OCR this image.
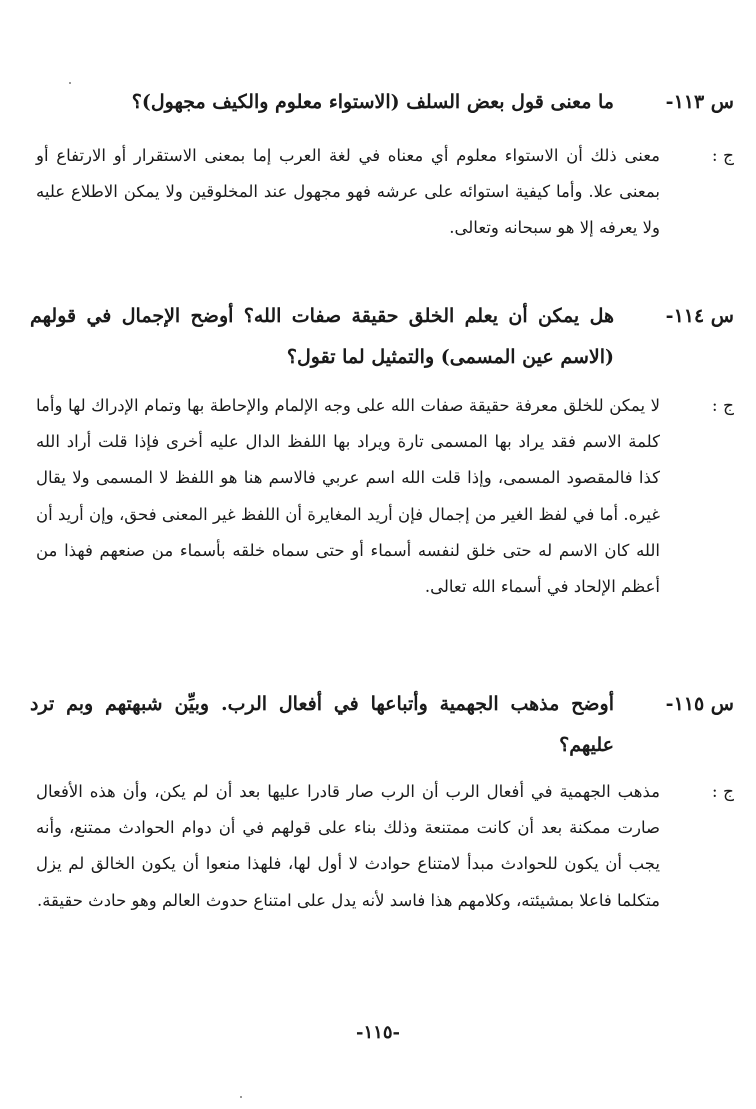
س ١١٣-
ما معنى قول بعض السلف (الاستواء معلوم والكيف مجهول)؟
ج :
معنى ذلك أن الاستواء معلوم أي معناه في لغة العرب إما بمعنى الاستقرار أو الارتفاع أو بمعنى علا. وأما كيفية استوائه على عرشه فهو مجهول عند المخلوقين ولا يمكن الاطلاع عليه ولا يعرفه إلا هو سبحانه وتعالى.
س ١١٤-
هل يمكن أن يعلم الخلق حقيقة صفات الله؟ أوضح الإجمال في قولهم (الاسم عين المسمى) والتمثيل لما تقول؟
ج :
لا يمكن للخلق معرفة حقيقة صفات الله على وجه الإلمام والإحاطة بها وتمام الإدراك لها وأما كلمة الاسم فقد يراد بها المسمى تارة ويراد بها اللفظ الدال عليه أخرى فإذا قلت أراد الله كذا فالمقصود المسمى، وإذا قلت الله اسم عربي فالاسم هنا هو اللفظ لا المسمى ولا يقال غيره. أما في لفظ الغير من إجمال فإن أريد المغايرة أن اللفظ غير المعنى فحق، وإن أريد أن الله كان الاسم له حتى خلق لنفسه أسماء أو حتى سماه خلقه بأسماء من صنعهم فهذا من أعظم الإلحاد في أسماء الله تعالى.
س ١١٥-
أوضح مذهب الجهمية وأتباعها في أفعال الرب. وبيِّن شبهتهم وبم ترد عليهم؟
ج :
مذهب الجهمية في أفعال الرب أن الرب صار قادرا عليها بعد أن لم يكن، وأن هذه الأفعال صارت ممكنة بعد أن كانت ممتنعة وذلك بناء على قولهم في أن دوام الحوادث ممتنع، وأنه يجب أن يكون للحوادث مبدأ لامتناع حوادث لا أول لها، فلهذا منعوا أن يكون الخالق لم يزل متكلما فاعلا بمشيئته، وكلامهم هذا فاسد لأنه يدل على امتناع حدوث العالم وهو حادث حقيقة.
-١١٥-
